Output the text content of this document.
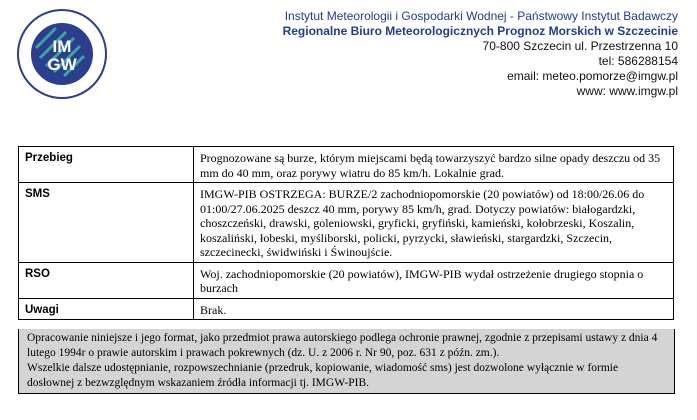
IM
GW
Instytut Meteorologii i Gospodarki Wodnej - Państwowy Instytut Badawczy
Regionalne Biuro Meteorologicznych Prognoz Morskich w Szczecinie
70-800 Szczecin ul. Przestrzenna 10
tel: 586288154
email: meteo.pomorze@imgw.pl
www: www.imgw.pl
Przebieg	Prognozowane są burze, którym miejscami będą towarzyszyć bardzo silne opady deszczu od 35 mm do 40 mm, oraz porywy wiatru do 85 km/h. Lokalnie grad.
SMS	IMGW-PIB OSTRZEGA: BURZE/2 zachodniopomorskie (20 powiatów) od 18:00/26.06 do 01:00/27.06.2025 deszcz 40 mm, porywy 85 km/h, grad. Dotyczy powiatów: białogardzki, choszczeński, drawski, goleniowski, gryficki, gryfiński, kamieński, kołobrzeski, Koszalin, koszaliński, łobeski, myśliborski, policki, pyrzycki, sławieński, stargardzki, Szczecin, szczecinecki, świdwiński i Świnoujście.
RSO	Woj. zachodniopomorskie (20 powiatów), IMGW-PIB wydał ostrzeżenie drugiego stopnia o burzach
Uwagi	Brak.

Opracowanie niniejsze i jego format, jako przedmiot prawa autorskiego podlega ochronie prawnej, zgodnie z przepisami ustawy z dnia 4 lutego 1994r o prawie autorskim i prawach pokrewnych (dz. U. z 2006 r. Nr 90, poz. 631 z późn. zm.).

Wszelkie dalsze udostępnianie, rozpowszechnianie (przedruk, kopiowanie, wiadomość sms) jest dozwolone wyłącznie w formie dosłownej z bezwzględnym wskazaniem źródła informacji tj. IMGW-PIB.
